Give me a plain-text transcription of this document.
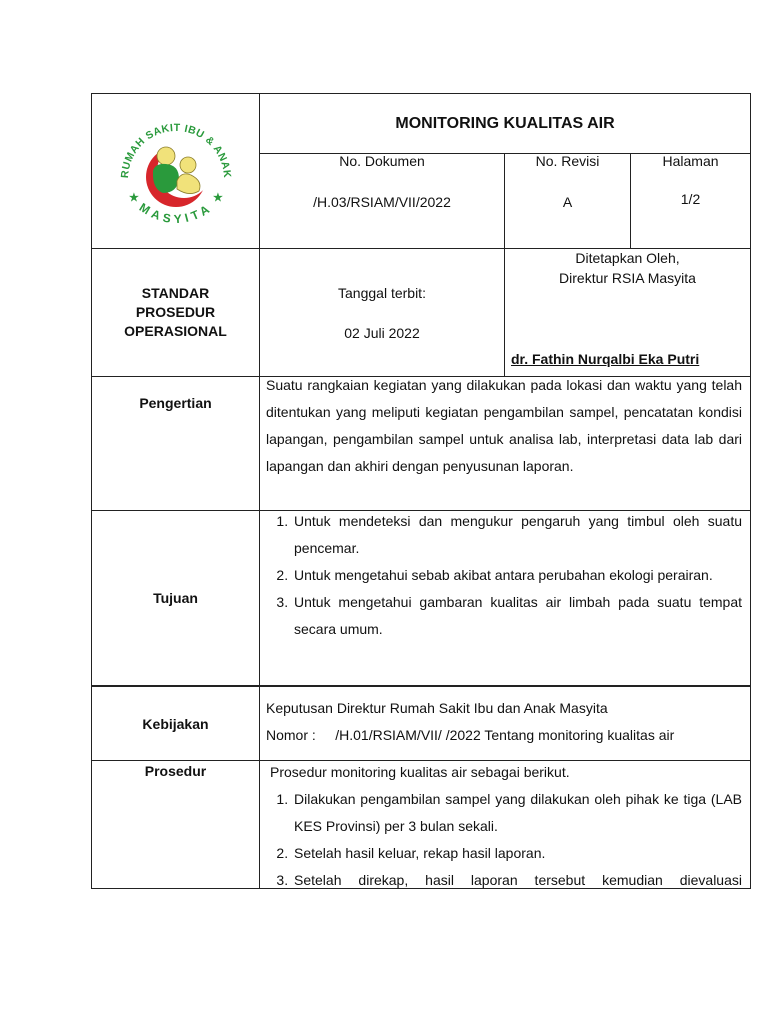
RUMAH SAKIT IBU & ANAK
★	★
MASYITA
MONITORING KUALITAS AIR
No. Dokumen
/H.03/RSIAM/VII/2022
No. Revisi
A
Halaman
1/2
STANDAR
PROSEDUR
OPERASIONAL
Tanggal terbit:
02 Juli 2022
Ditetapkan Oleh,
Direktur RSIA Masyita
dr. Fathin Nurqalbi Eka Putri
Pengertian
Suatu rangkaian kegiatan yang dilakukan pada lokasi dan waktu yang telah ditentukan yang meliputi kegiatan pengambilan sampel, pencatatan kondisi lapangan, pengambilan sampel untuk analisa lab, interpretasi data lab dari lapangan dan akhiri dengan penyusunan laporan.
Tujuan
1. Untuk mendeteksi dan mengukur pengaruh yang timbul oleh suatu pencemar.
2. Untuk mengetahui sebab akibat antara perubahan ekologi perairan.
3. Untuk mengetahui gambaran kualitas air limbah pada suatu tempat secara umum.
Kebijakan
Keputusan Direktur Rumah Sakit Ibu dan Anak Masyita
Nomor :     /H.01/RSIAM/VII/ /2022 Tentang monitoring kualitas air
Prosedur	Prosedur monitoring kualitas air sebagai berikut.
1. Dilakukan pengambilan sampel yang dilakukan oleh pihak ke tiga (LAB KES Provinsi) per 3 bulan sekali.
2. Setelah hasil keluar, rekap hasil laporan.
3. Setelah direkap, hasil laporan tersebut kemudian dievaluasi
